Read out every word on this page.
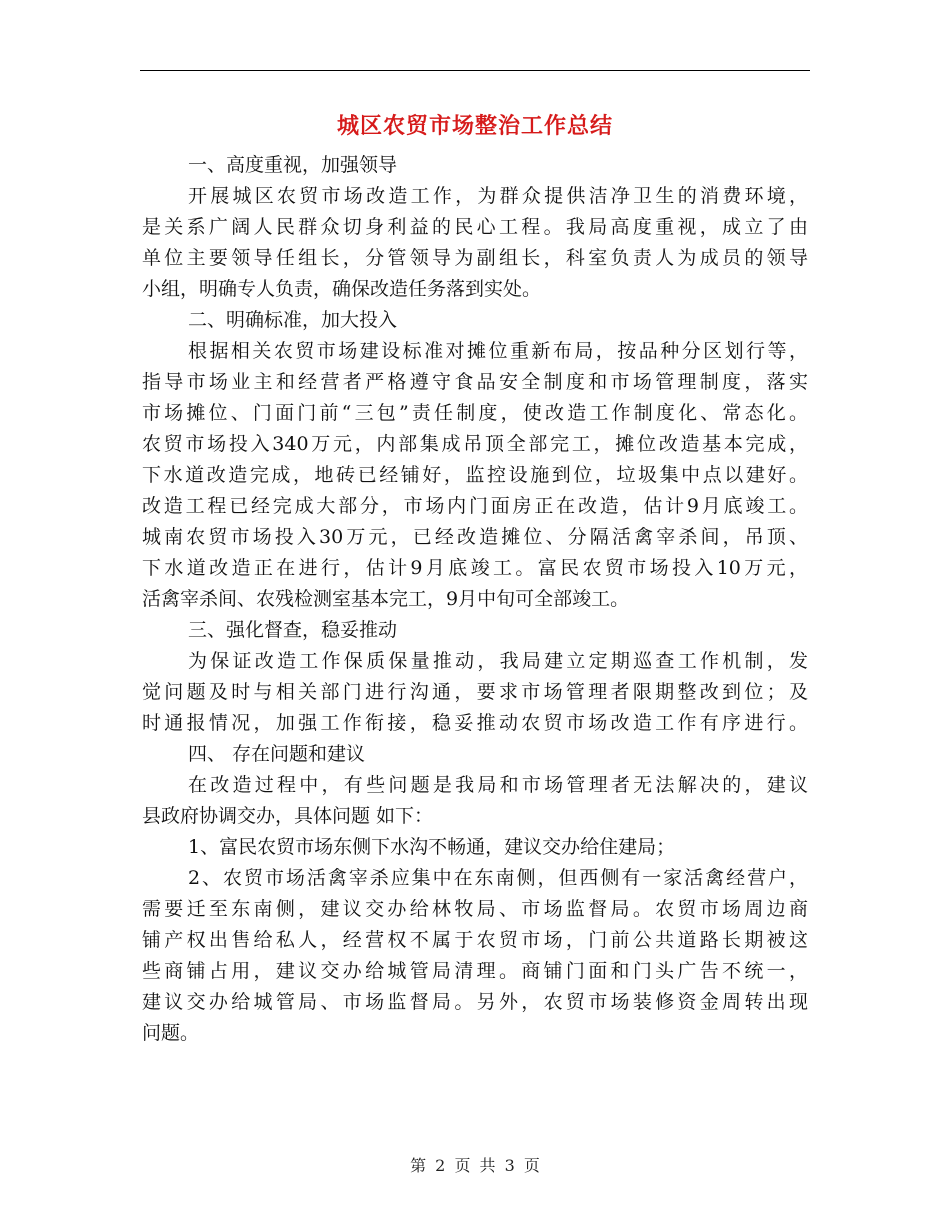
城区农贸市场整治工作总结
一、高度重视，加强领导
开展城区农贸市场改造工作，为群众提供洁净卫生的消费环境，
是关系广阔人民群众切身利益的民心工程。我局高度重视，成立了由
单位主要领导任组长，分管领导为副组长，科室负责人为成员的领导
小组，明确专人负责，确保改造任务落到实处。
二、明确标准，加大投入
根据相关农贸市场建设标准对摊位重新布局，按品种分区划行等，
指导市场业主和经营者严格遵守食品安全制度和市场管理制度，落实
市场摊位、门面门前“三包”责任制度，使改造工作制度化、常态化。
农贸市场投入340万元，内部集成吊顶全部完工，摊位改造基本完成，
下水道改造完成，地砖已经铺好，监控设施到位，垃圾集中点以建好。
改造工程已经完成大部分，市场内门面房正在改造，估计9月底竣工。
城南农贸市场投入30万元，已经改造摊位、分隔活禽宰杀间，吊顶、
下水道改造正在进行，估计9月底竣工。富民农贸市场投入10万元，
活禽宰杀间、农残检测室基本完工，9月中旬可全部竣工。
三、强化督查，稳妥推动
为保证改造工作保质保量推动，我局建立定期巡查工作机制，发
觉问题及时与相关部门进行沟通，要求市场管理者限期整改到位；及
时通报情况，加强工作衔接，稳妥推动农贸市场改造工作有序进行。
四、 存在问题和建议
在改造过程中，有些问题是我局和市场管理者无法解决的，建议
县政府协调交办，具体问题 如下：
1、富民农贸市场东侧下水沟不畅通，建议交办给住建局；
2、农贸市场活禽宰杀应集中在东南侧，但西侧有一家活禽经营户，
需要迁至东南侧，建议交办给林牧局、市场监督局。农贸市场周边商
铺产权出售给私人，经营权不属于农贸市场，门前公共道路长期被这
些商铺占用，建议交办给城管局清理。商铺门面和门头广告不统一，
建议交办给城管局、市场监督局。另外，农贸市场装修资金周转出现
问题。
第 2 页 共 3 页
